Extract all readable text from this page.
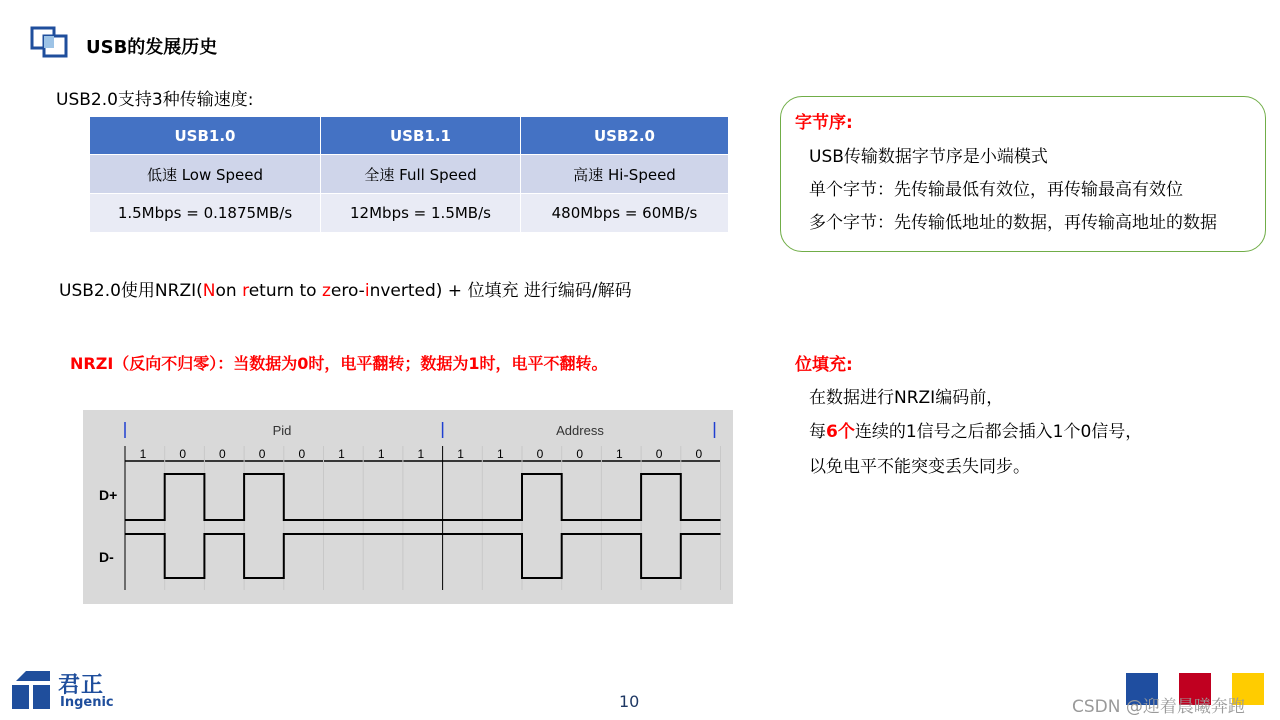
USB的发展历史
USB2.0支持3种传输速度:
USB1.0	USB1.1	USB2.0
低速 Low Speed	全速 Full Speed	高速 Hi-Speed
1.5Mbps = 0.1875MB/s	12Mbps = 1.5MB/s	480Mbps = 60MB/s
字节序:
USB传输数据字节序是小端模式
单个字节：先传输最低有效位，再传输最高有效位
多个字节：先传输低地址的数据，再传输高地址的数据
USB2.0使用NRZI(Non return to zero-inverted) + 位填充 进行编码/解码
NRZI（反向不归零）：当数据为0时，电平翻转；数据为1时，电平不翻转。	位填充:
在数据进行NRZI编码前，
每6个连续的1信号之后都会插入1个0信号，
以免电平不能突变丢失同步。
Pid	Address
1	0	0	0	0	1	1	1	1	1	0	0	1	0	0
D+
D-
君正
Ingenic	10	CSDN @迎着晨曦奔跑
